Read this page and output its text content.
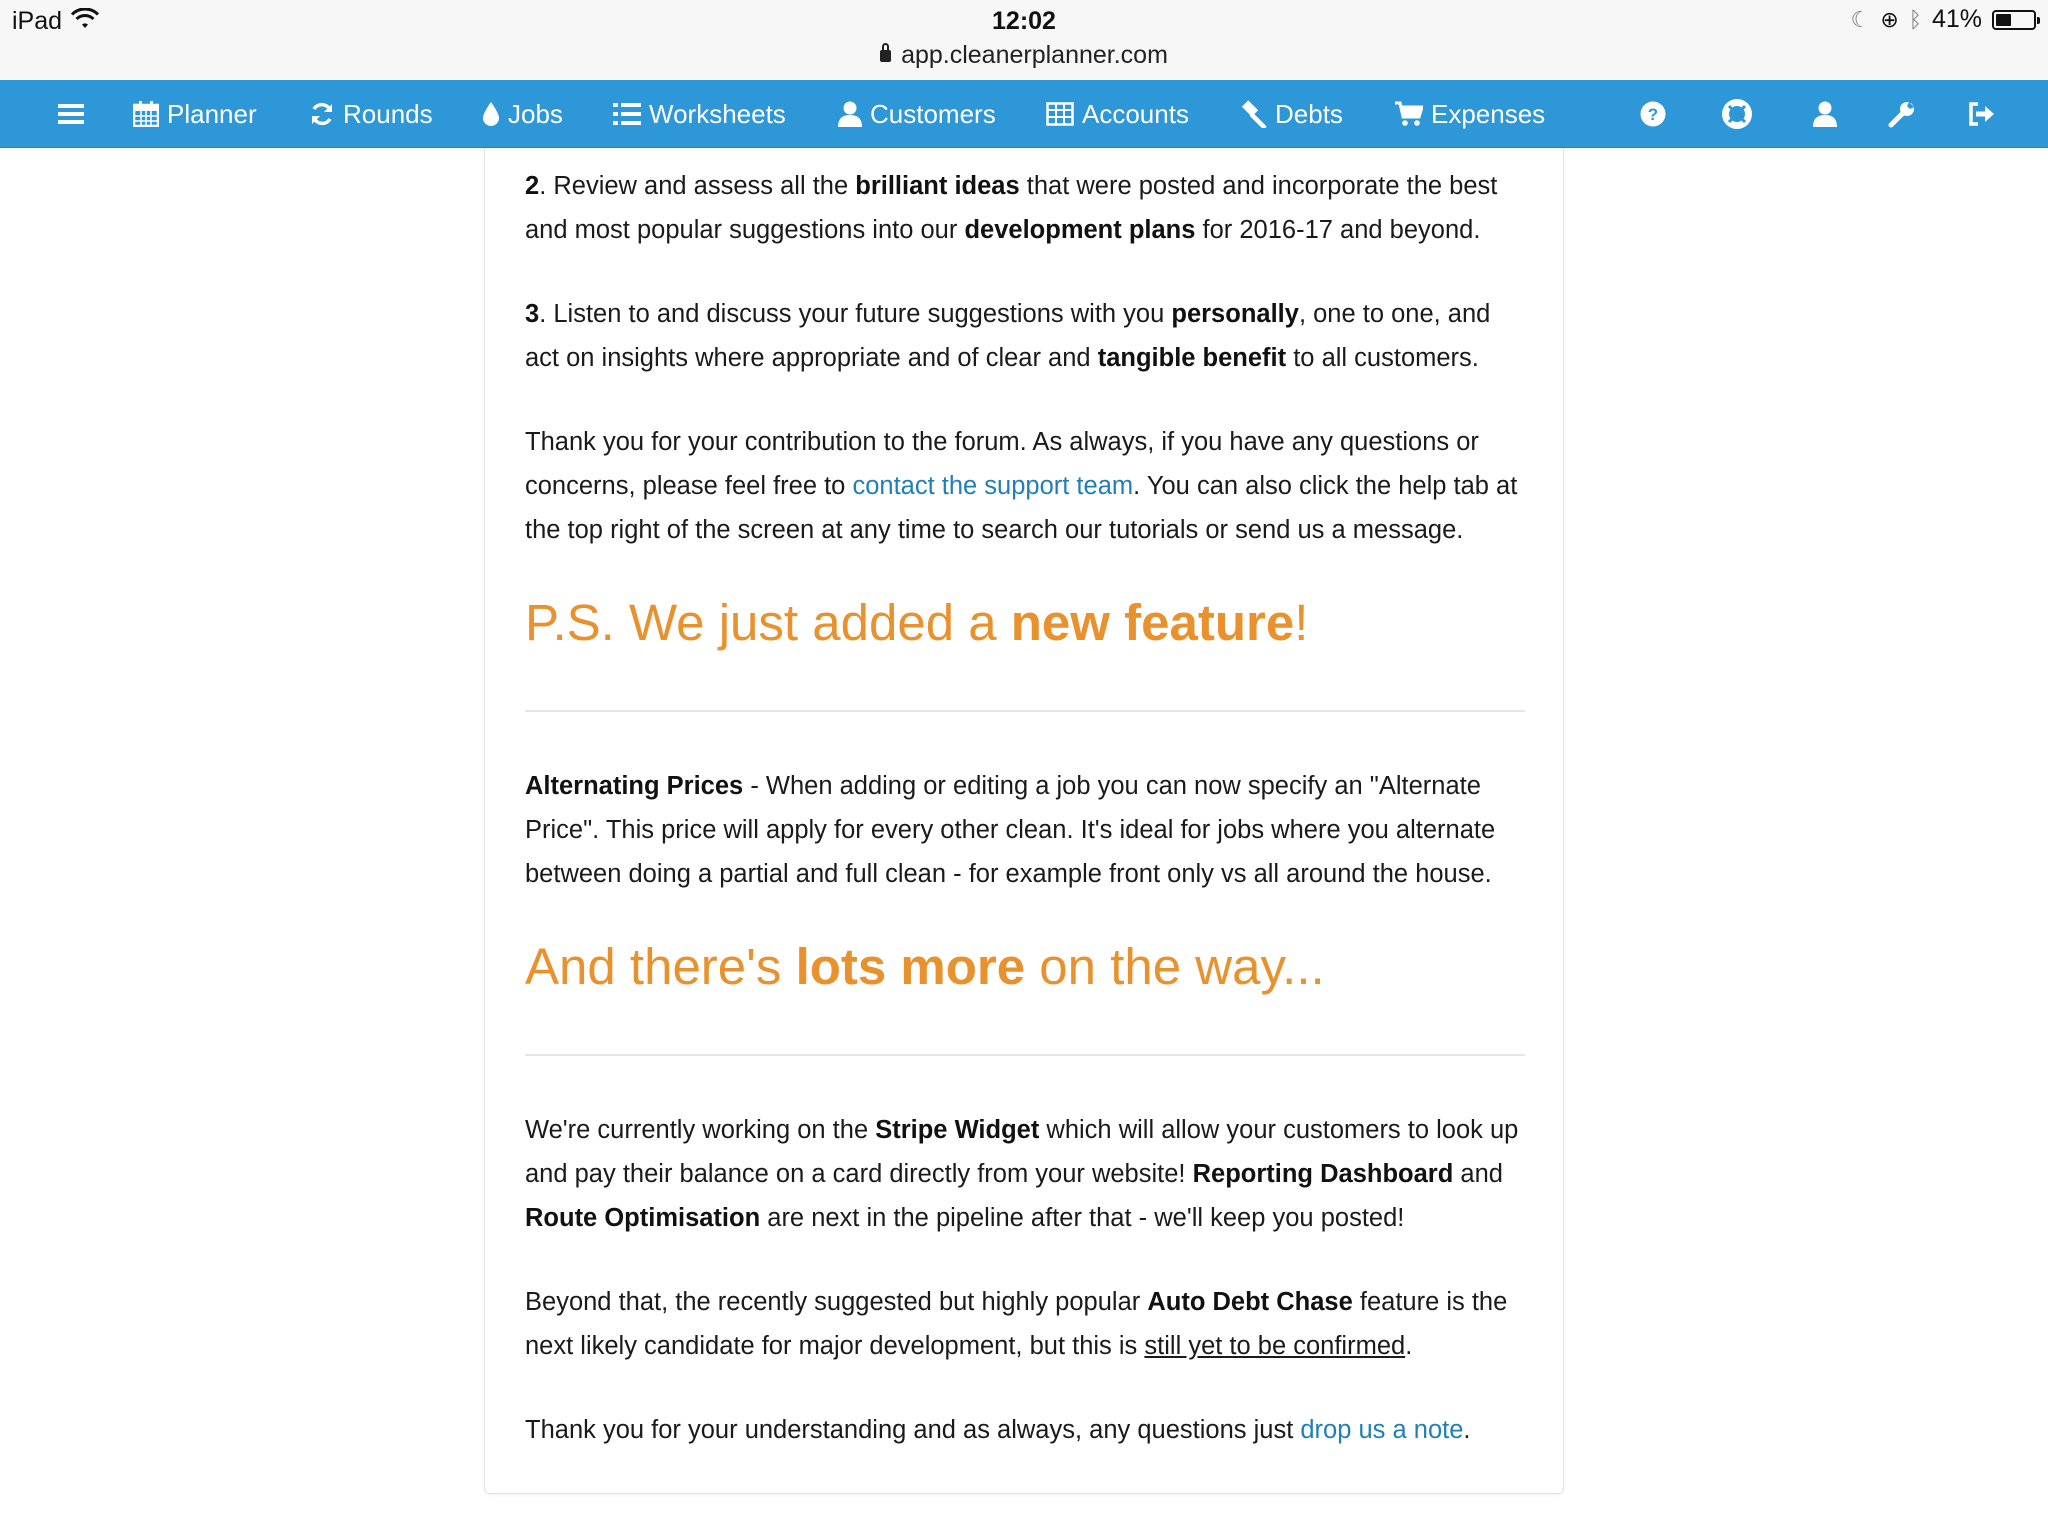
iPad	12:02
app.cleanerplanner.com
☾ ⊕ ᛒ 41%
Planner	Rounds	Jobs	Worksheets	Customers	Accounts	Debts	Expenses	?

2. Review and assess all the brilliant ideas that were posted and incorporate the best and most popular suggestions into our development plans for 2016-17 and beyond.

3. Listen to and discuss your future suggestions with you personally, one to one, and act on insights where appropriate and of clear and tangible benefit to all customers.

Thank you for your contribution to the forum. As always, if you have any questions or concerns, please feel free to contact the support team. You can also click the help tab at the top right of the screen at any time to search our tutorials or send us a message.

P.S. We just added a new feature!

Alternating Prices - When adding or editing a job you can now specify an "Alternate Price". This price will apply for every other clean. It's ideal for jobs where you alternate between doing a partial and full clean - for example front only vs all around the house.

And there's lots more on the way...

We're currently working on the Stripe Widget which will allow your customers to look up and pay their balance on a card directly from your website! Reporting Dashboard and Route Optimisation are next in the pipeline after that - we'll keep you posted!

Beyond that, the recently suggested but highly popular Auto Debt Chase feature is the next likely candidate for major development, but this is still yet to be confirmed.

Thank you for your understanding and as always, any questions just drop us a note.
